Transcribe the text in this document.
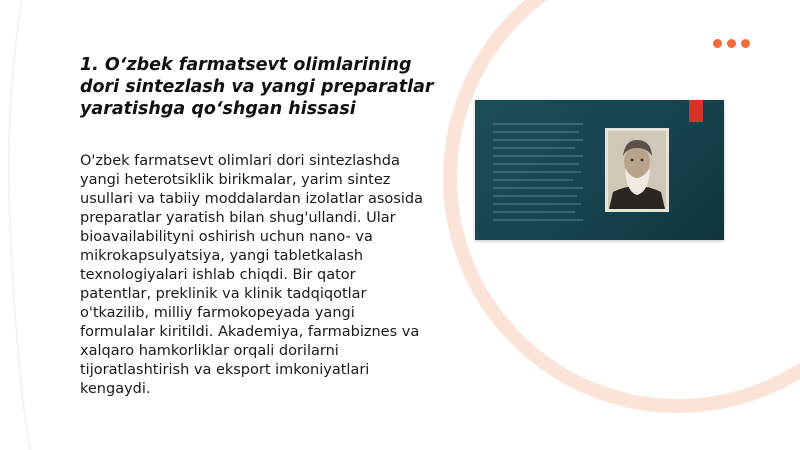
1. O‘zbek farmatsevt olimlarining dori sintezlash va yangi preparatlar yaratishga qo‘shgan hissasi
O'zbek farmatsevt olimlari dori sintezlashda yangi heterotsiklik birikmalar, yarim sintez usullari va tabiiy moddalardan izolatlar asosida preparatlar yaratish bilan shug'ullandi. Ular bioavailabilityni oshirish uchun nano- va mikrokapsulyatsiya, yangi tabletkalash texnologiyalari ishlab chiqdi. Bir qator patentlar, preklinik va klinik tadqiqotlar o'tkazilib, milliy farmokopeyada yangi formulalar kiritildi. Akademiya, farmabiznes va xalqaro hamkorliklar orqali dorilarni tijoratlashtirish va eksport imkoniyatlari kengaydi.
